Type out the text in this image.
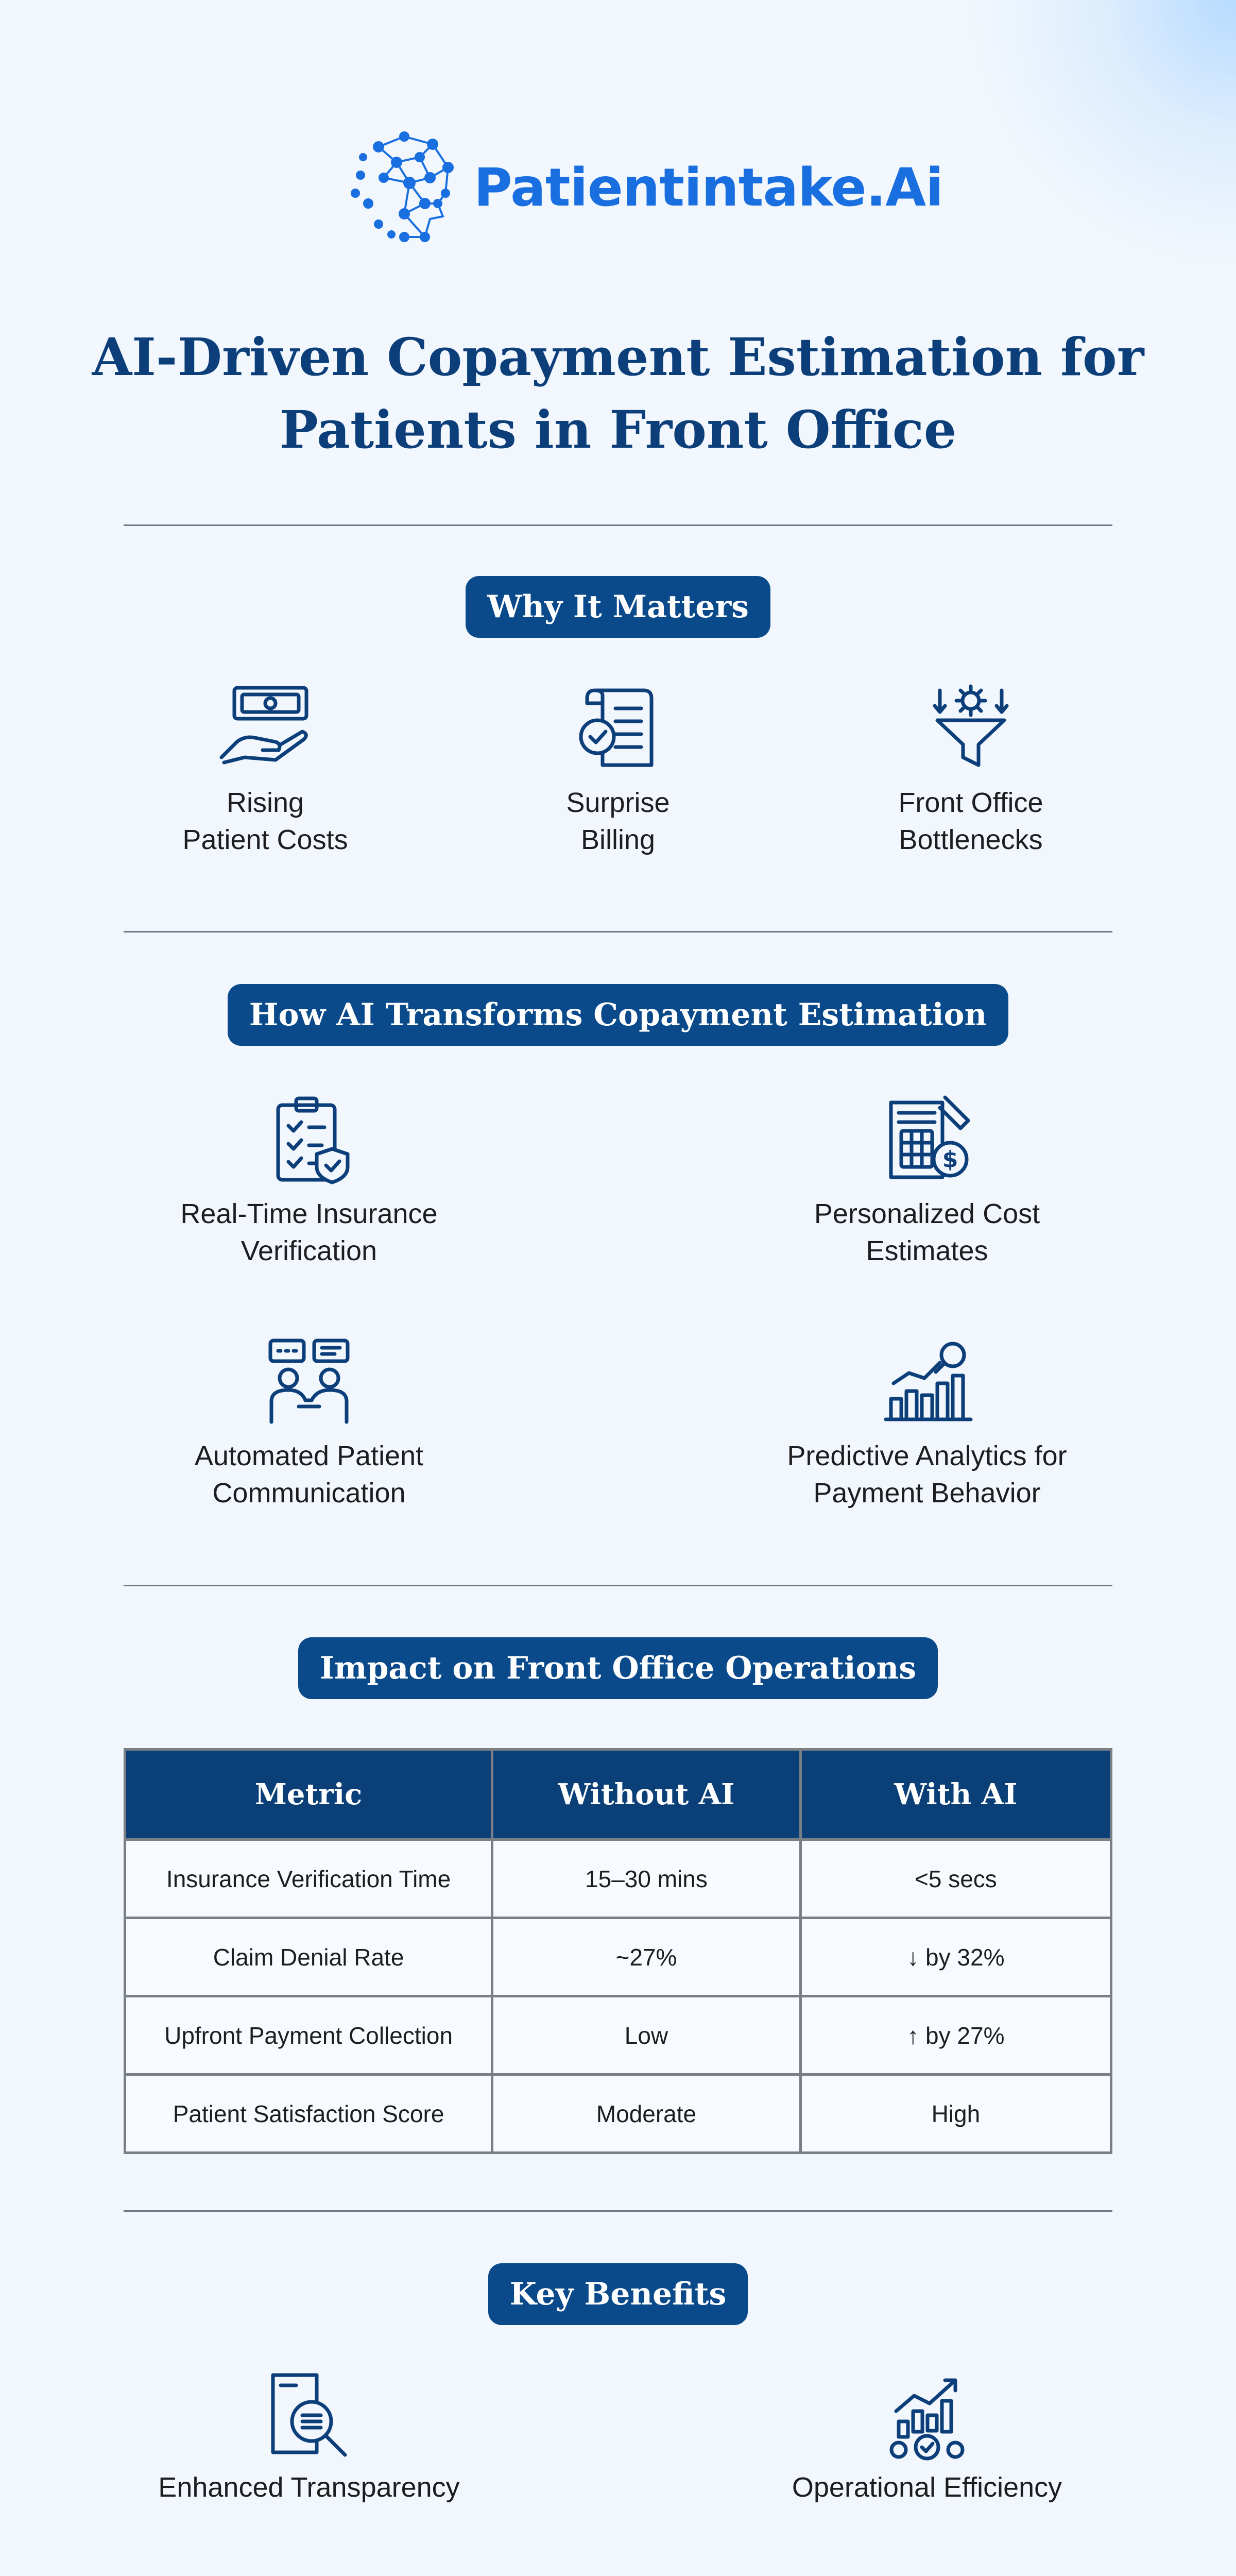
Patientintake.Ai
AI-Driven Copayment Estimation for
Patients in Front Office
Why It Matters
Rising
Patient Costs
Surprise
Billing
Front Office
Bottlenecks
How AI Transforms Copayment Estimation
Real-Time Insurance
Verification
$
Personalized Cost
Estimates
Automated Patient
Communication
Predictive Analytics for
Payment Behavior
Impact on Front Office Operations
Metric	Without AI	With AI
Insurance Verification Time	15–30 mins	<5 secs
Claim Denial Rate	~27%	↓ by 32%
Upfront Payment Collection	Low	↑ by 27%
Patient Satisfaction Score	Moderate	High
Key Benefits
Enhanced Transparency	Operational Efficiency
